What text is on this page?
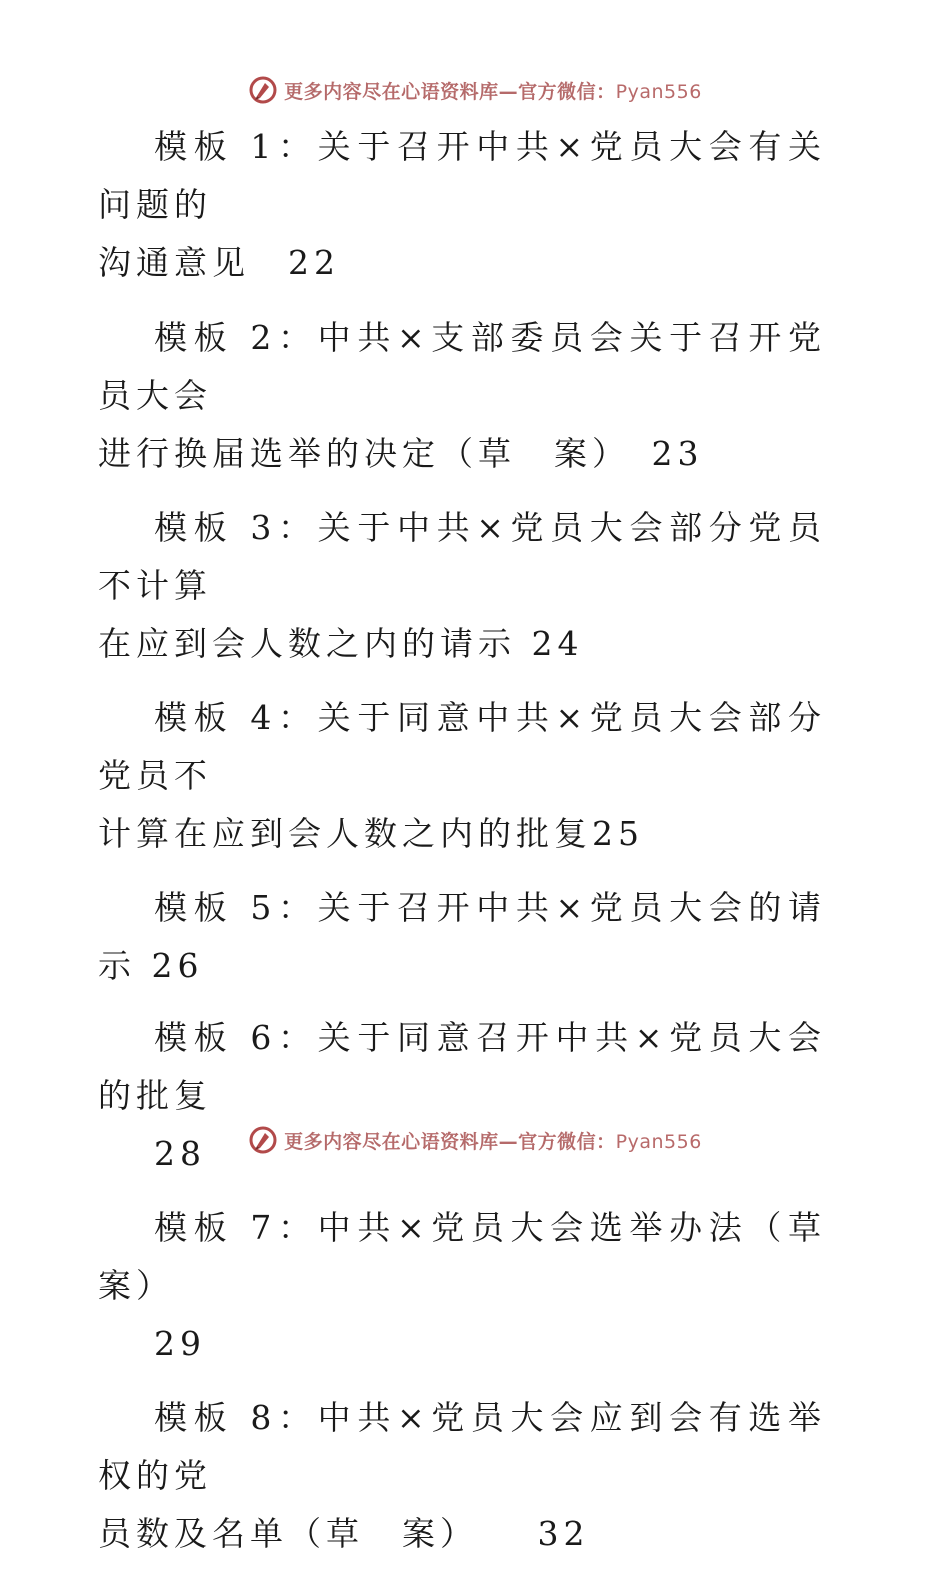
更多内容尽在心语资料库—官方微信：Pyan556

模板 1：关于召开中共×党员大会有关问题的
沟通意见　22

模板 2：中共×支部委员会关于召开党员大会
进行换届选举的决定（草　案）　23

模板 3：关于中共×党员大会部分党员不计算
在应到会人数之内的请示 24

模板 4：关于同意中共×党员大会部分党员不
计算在应到会人数之内的批复25

模板 5：关于召开中共×党员大会的请示 26

模板 6：关于同意召开中共×党员大会的批复
28

模板 7：中共×党员大会选举办法（草　案）
29

模板 8：中共×党员大会应到会有选举权的党
员数及名单（草　案）　　32

更多内容尽在心语资料库—官方微信：Pyan556
